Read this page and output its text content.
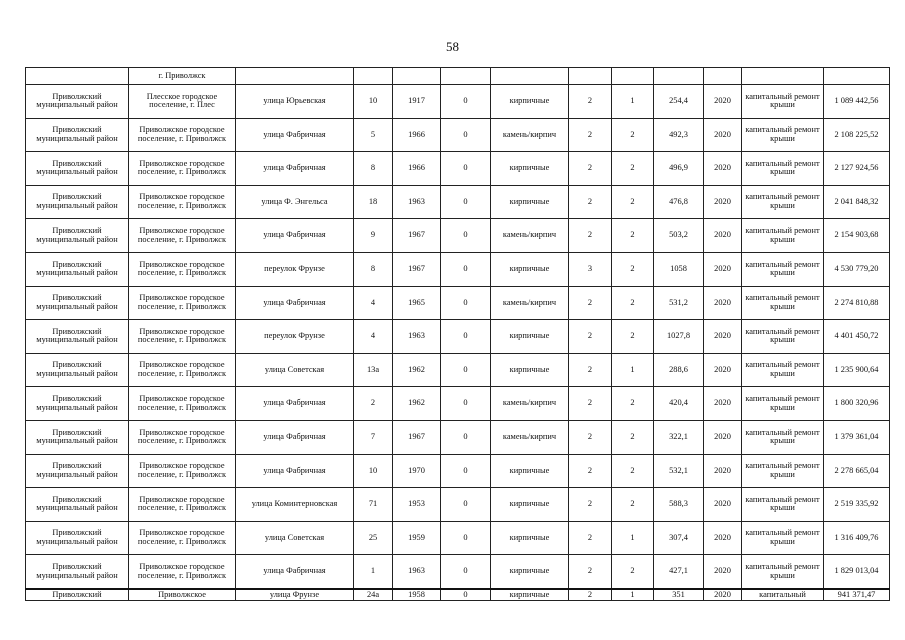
58
	г. Приволжск											
Приволжский муниципальный район	Плесское городское поселение, г. Плес	улица Юрьевская	10	1917	0	кирпичные	2	1	254,4	2020	капитальный ремонт крыши	1 089 442,56
Приволжский муниципальный район	Приволжское городское поселение, г. Приволжск	улица Фабричная	5	1966	0	камень/кирпич	2	2	492,3	2020	капитальный ремонт крыши	2 108 225,52
Приволжский муниципальный район	Приволжское городское поселение, г. Приволжск	улица Фабричная	8	1966	0	кирпичные	2	2	496,9	2020	капитальный ремонт крыши	2 127 924,56
Приволжский муниципальный район	Приволжское городское поселение, г. Приволжск	улица Ф. Энгельса	18	1963	0	кирпичные	2	2	476,8	2020	капитальный ремонт крыши	2 041 848,32
Приволжский муниципальный район	Приволжское городское поселение, г. Приволжск	улица Фабричная	9	1967	0	камень/кирпич	2	2	503,2	2020	капитальный ремонт крыши	2 154 903,68
Приволжский муниципальный район	Приволжское городское поселение, г. Приволжск	переулок Фрунзе	8	1967	0	кирпичные	3	2	1058	2020	капитальный ремонт крыши	4 530 779,20
Приволжский муниципальный район	Приволжское городское поселение, г. Приволжск	улица Фабричная	4	1965	0	камень/кирпич	2	2	531,2	2020	капитальный ремонт крыши	2 274 810,88
Приволжский муниципальный район	Приволжское городское поселение, г. Приволжск	переулок Фрунзе	4	1963	0	кирпичные	2	2	1027,8	2020	капитальный ремонт крыши	4 401 450,72
Приволжский муниципальный район	Приволжское городское поселение, г. Приволжск	улица Советская	13а	1962	0	кирпичные	2	1	288,6	2020	капитальный ремонт крыши	1 235 900,64
Приволжский муниципальный район	Приволжское городское поселение, г. Приволжск	улица Фабричная	2	1962	0	камень/кирпич	2	2	420,4	2020	капитальный ремонт крыши	1 800 320,96
Приволжский муниципальный район	Приволжское городское поселение, г. Приволжск	улица Фабричная	7	1967	0	камень/кирпич	2	2	322,1	2020	капитальный ремонт крыши	1 379 361,04
Приволжский муниципальный район	Приволжское городское поселение, г. Приволжск	улица Фабричная	10	1970	0	кирпичные	2	2	532,1	2020	капитальный ремонт крыши	2 278 665,04
Приволжский муниципальный район	Приволжское городское поселение, г. Приволжск	улица Коминтерновская	71	1953	0	кирпичные	2	2	588,3	2020	капитальный ремонт крыши	2 519 335,92
Приволжский муниципальный район	Приволжское городское поселение, г. Приволжск	улица Советская	25	1959	0	кирпичные	2	1	307,4	2020	капитальный ремонт крыши	1 316 409,76
Приволжский муниципальный район	Приволжское городское поселение, г. Приволжск	улица Фабричная	1	1963	0	кирпичные	2	2	427,1	2020	капитальный ремонт крыши	1 829 013,04
Приволжский	Приволжское	улица Фрунзе	24а	1958	0	кирпичные	2	1	351	2020	капитальный	941 371,47
